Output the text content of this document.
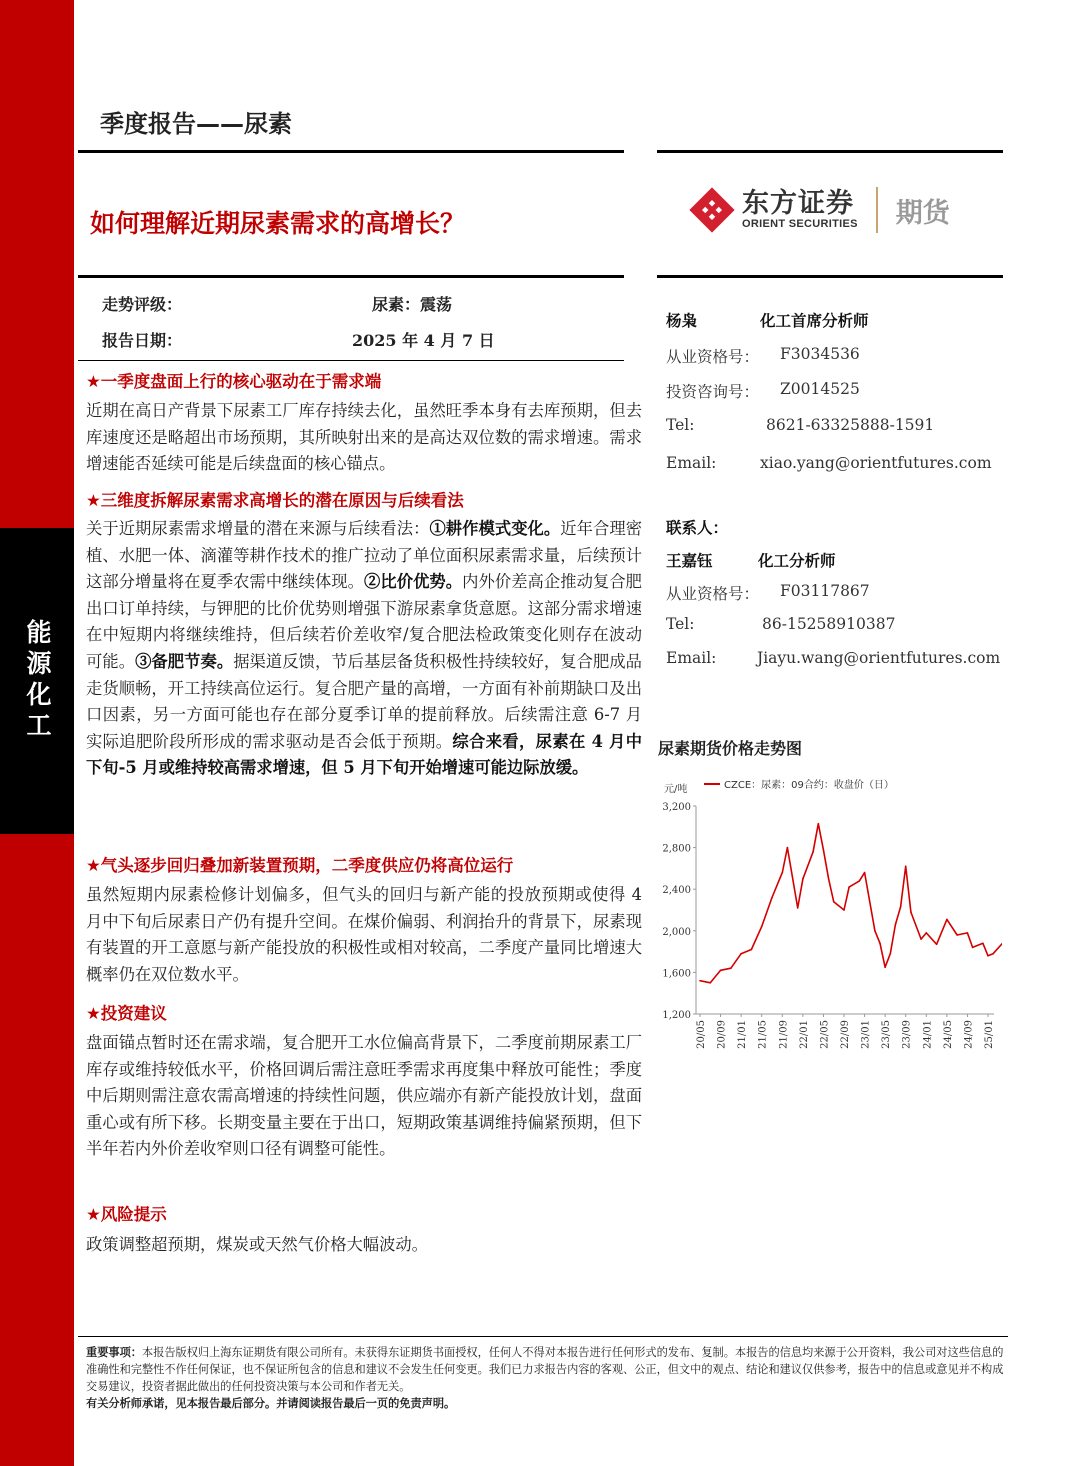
能源化工
季度报告——尿素
如何理解近期尿素需求的高增长？
东方证券
ORIENT SECURITIES 期货
走势评级：	尿素：震荡
报告日期：	2025 年 4 月 7 日
★一季度盘面上行的核心驱动在于需求端
近期在高日产背景下尿素工厂库存持续去化，虽然旺季本身有去库预期，但去库速度还是略超出市场预期，其所映射出来的是高达双位数的需求增速。需求增速能否延续可能是后续盘面的核心锚点。
★三维度拆解尿素需求高增长的潜在原因与后续看法
关于近期尿素需求增量的潜在来源与后续看法：①耕作模式变化。近年合理密植、水肥一体、滴灌等耕作技术的推广拉动了单位面积尿素需求量，后续预计这部分增量将在夏季农需中继续体现。②比价优势。内外价差高企推动复合肥出口订单持续，与钾肥的比价优势则增强下游尿素拿货意愿。这部分需求增速在中短期内将继续维持，但后续若价差收窄/复合肥法检政策变化则存在波动可能。③备肥节奏。据渠道反馈，节后基层备货积极性持续较好，复合肥成品走货顺畅，开工持续高位运行。复合肥产量的高增，一方面有补前期缺口及出口因素，另一方面可能也存在部分夏季订单的提前释放。后续需注意 6-7 月实际追肥阶段所形成的需求驱动是否会低于预期。综合来看，尿素在 4 月中下旬-5 月或维持较高需求增速，但 5 月下旬开始增速可能边际放缓。
★气头逐步回归叠加新装置预期，二季度供应仍将高位运行
虽然短期内尿素检修计划偏多，但气头的回归与新产能的投放预期或使得 4 月中下旬后尿素日产仍有提升空间。在煤价偏弱、利润抬升的背景下，尿素现有装置的开工意愿与新产能投放的积极性或相对较高，二季度产量同比增速大概率仍在双位数水平。
★投资建议
盘面锚点暂时还在需求端，复合肥开工水位偏高背景下，二季度前期尿素工厂库存或维持较低水平，价格回调后需注意旺季需求再度集中释放可能性；季度中后期则需注意农需高增速的持续性问题，供应端亦有新产能投放计划，盘面重心或有所下移。长期变量主要在于出口，短期政策基调维持偏紧预期，但下半年若内外价差收窄则口径有调整可能性。
★风险提示
政策调整超预期，煤炭或天然气价格大幅波动。
杨枭	化工首席分析师
从业资格号： F3034536
投资咨询号： Z0014525
Tel:	8621-63325888-1591
Email:	xiao.yang@orientfutures.com
联系人：
王嘉钰	化工分析师
从业资格号： F03117867
Tel:	86-15258910387
Email:	Jiayu.wang@orientfutures.com
尿素期货价格走势图
1,200
1,600
2,000
2,400
2,800
3,200
元/吨	CZCE：尿素：09合约：收盘价（日）
20/05 20/09 21/01 21/05 21/09 22/01 22/05 22/09 23/01 23/05 23/09 24/01 24/05 24/09 25/01
重要事项：本报告版权归上海东证期货有限公司所有。未获得东证期货书面授权，任何人不得对本报告进行任何形式的发布、复制。本报告的信息均来源于公开资料，我公司对这些信息的准确性和完整性不作任何保证，也不保证所包含的信息和建议不会发生任何变更。我们已力求报告内容的客观、公正，但文中的观点、结论和建议仅供参考，报告中的信息或意见并不构成交易建议，投资者据此做出的任何投资决策与本公司和作者无关。
有关分析师承诺，见本报告最后部分。并请阅读报告最后一页的免责声明。
